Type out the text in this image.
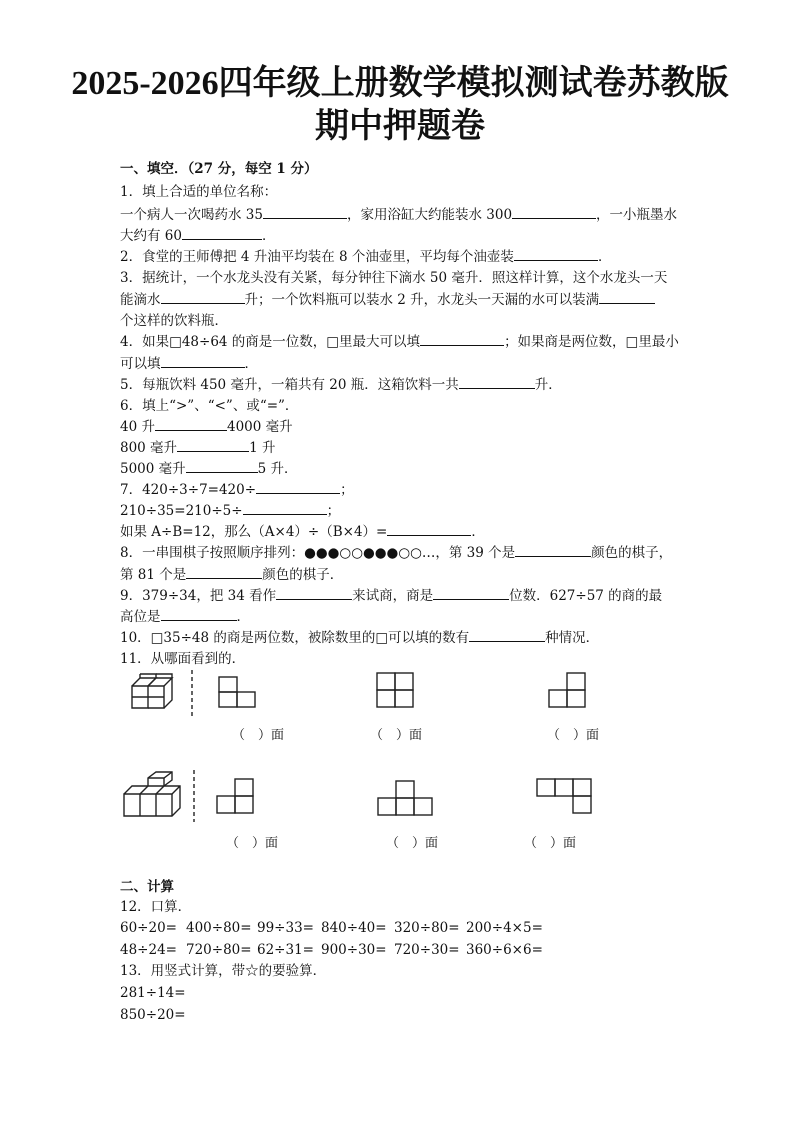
2025-2026四年级上册数学模拟测试卷苏教版
期中押题卷
一、填空．（27 分，每空 1 分）
1．填上合适的单位名称：
一个病人一次喝药水 35	，家用浴缸大约能装水 300	，一小瓶墨水
大约有 60	．
2．食堂的王师傅把 4 升油平均装在 8 个油壶里，平均每个油壶装	．
3．据统计，一个水龙头没有关紧，每分钟往下滴水 50 毫升．照这样计算，这个水龙头一天
能滴水	升；一个饮料瓶可以装水 2 升，水龙头一天漏的水可以装满
个这样的饮料瓶．
4．如果□48÷64 的商是一位数，□里最大可以填	；如果商是两位数，□里最小
可以填	．
5．每瓶饮料 450 毫升，一箱共有 20 瓶．这箱饮料一共	升．
6．填上“>”、“<”、或“=”．
40 升	4000 毫升
800 毫升	1 升
5000 毫升	5 升．
7．420÷3÷7=420÷	；
210÷35=210÷5÷	；
如果 A÷B=12，那么（A×4）÷（B×4）=	．
8．一串围棋子按照顺序排列：●●●○○●●●○○…，第 39 个是	颜色的棋子，
第 81 个是	颜色的棋子．
9．379÷34，把 34 看作	来试商，商是	位数．627÷57 的商的最
高位是	．
10．□35÷48 的商是两位数，被除数里的□可以填的数有	种情况．
11．从哪面看到的．
（　）面	（　）面	（　）面
（　）面	（　）面	（　）面
二、计算
12．口算．
60÷20= 400÷80= 99÷33= 840÷40= 320÷80= 200÷4×5=
48÷24= 720÷80= 62÷31= 900÷30= 720÷30= 360÷6×6=
13．用竖式计算，带☆的要验算．
281÷14=
850÷20=
